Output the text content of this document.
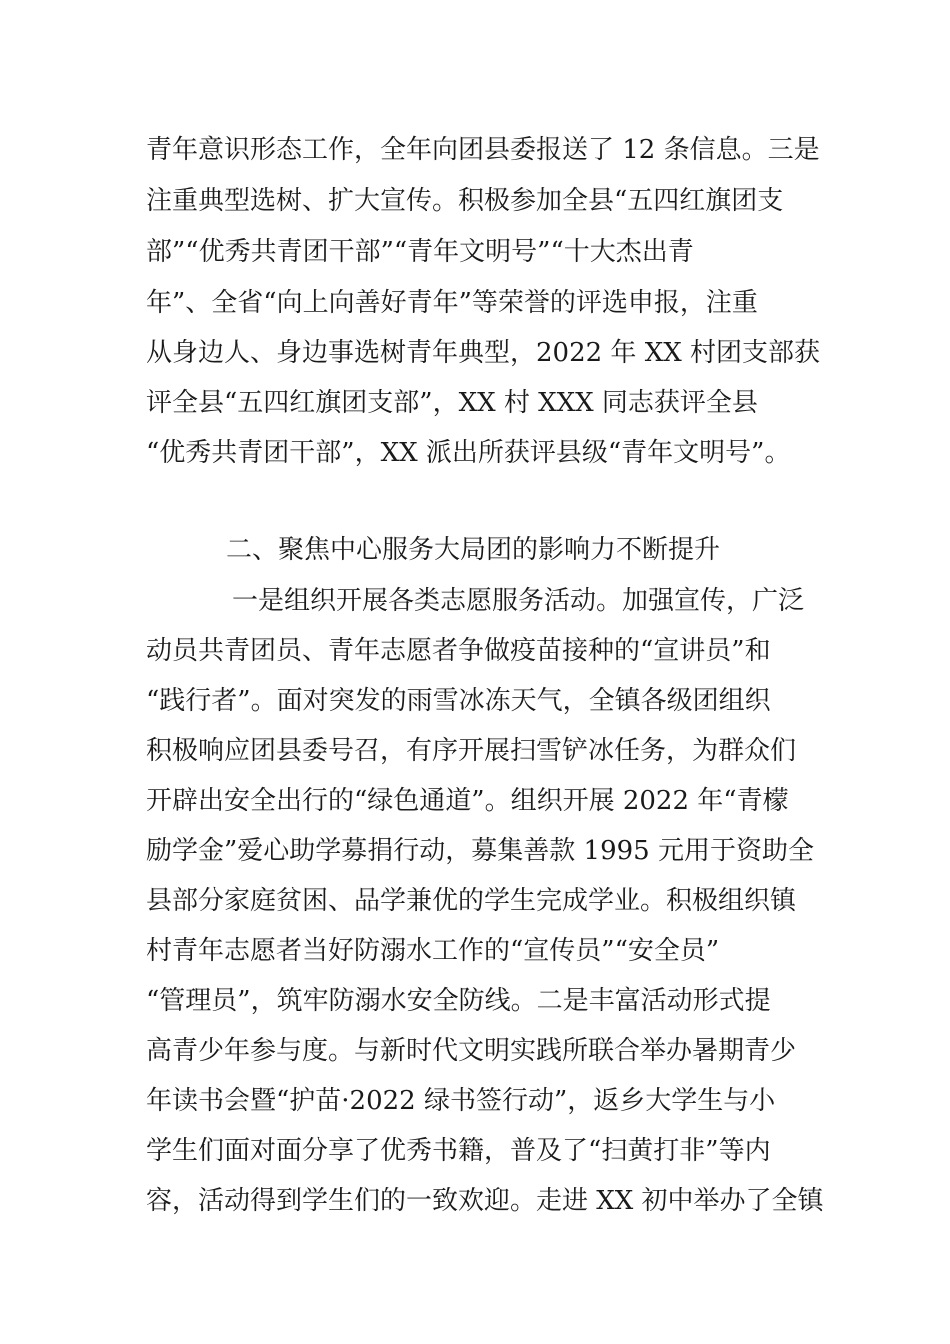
青年意识形态工作，全年向团县委报送了 12 条信息。三是
注重典型选树、扩大宣传。积极参加全县“五四红旗团支
部”“优秀共青团干部”“青年文明号”“十大杰出青
年”、全省“向上向善好青年”等荣誉的评选申报，注重
从身边人、身边事选树青年典型，2022 年 XX 村团支部获
评全县“五四红旗团支部”，XX 村 XXX 同志获评全县
“优秀共青团干部”，XX 派出所获评县级“青年文明号”。
二、聚焦中心服务大局团的影响力不断提升
一是组织开展各类志愿服务活动。加强宣传，广泛
动员共青团员、青年志愿者争做疫苗接种的“宣讲员”和
“践行者”。面对突发的雨雪冰冻天气，全镇各级团组织
积极响应团县委号召，有序开展扫雪铲冰任务，为群众们
开辟出安全出行的“绿色通道”。组织开展 2022 年“青檬
励学金”爱心助学募捐行动，募集善款 1995 元用于资助全
县部分家庭贫困、品学兼优的学生完成学业。积极组织镇
村青年志愿者当好防溺水工作的“宣传员”“安全员”
“管理员”，筑牢防溺水安全防线。二是丰富活动形式提
高青少年参与度。与新时代文明实践所联合举办暑期青少
年读书会暨“护苗·2022 绿书签行动”，返乡大学生与小
学生们面对面分享了优秀书籍，普及了“扫黄打非”等内
容，活动得到学生们的一致欢迎。走进 XX 初中举办了全镇
